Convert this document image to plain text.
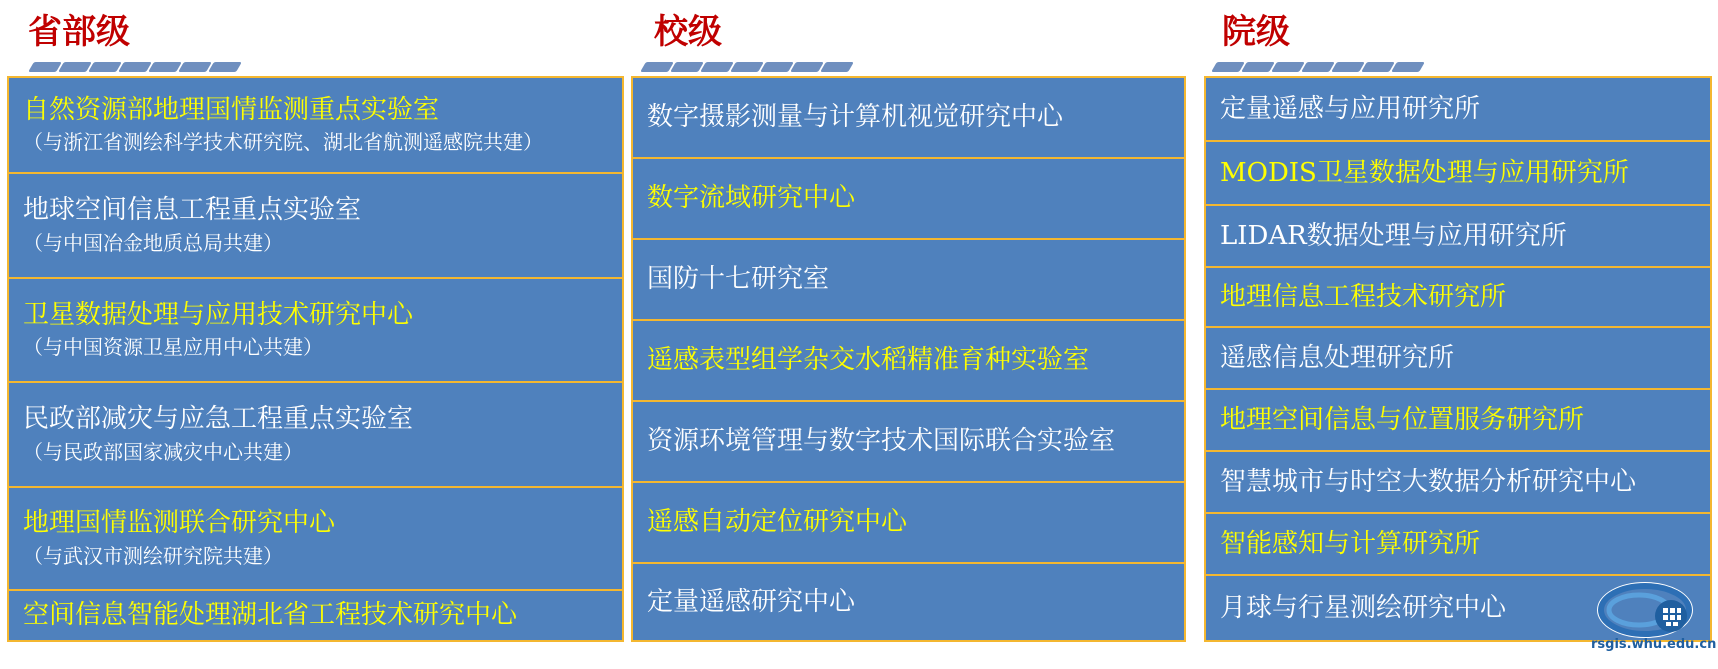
省部级
自然资源部地理国情监测重点实验室
（与浙江省测绘科学技术研究院、湖北省航测遥感院共建）
地球空间信息工程重点实验室
（与中国冶金地质总局共建）
卫星数据处理与应用技术研究中心
（与中国资源卫星应用中心共建）
民政部减灾与应急工程重点实验室
（与民政部国家减灾中心共建）
地理国情监测联合研究中心
（与武汉市测绘研究院共建）
空间信息智能处理湖北省工程技术研究中心
校级
数字摄影测量与计算机视觉研究中心
数字流域研究中心
国防十七研究室
遥感表型组学杂交水稻精准育种实验室
资源环境管理与数字技术国际联合实验室
遥感自动定位研究中心
定量遥感研究中心
院级
定量遥感与应用研究所
MODIS卫星数据处理与应用研究所
LIDAR数据处理与应用研究所
地理信息工程技术研究所
遥感信息处理研究所
地理空间信息与位置服务研究所
智慧城市与时空大数据分析研究中心
智能感知与计算研究所
月球与行星测绘研究中心
rsgis.whu.edu.cn
